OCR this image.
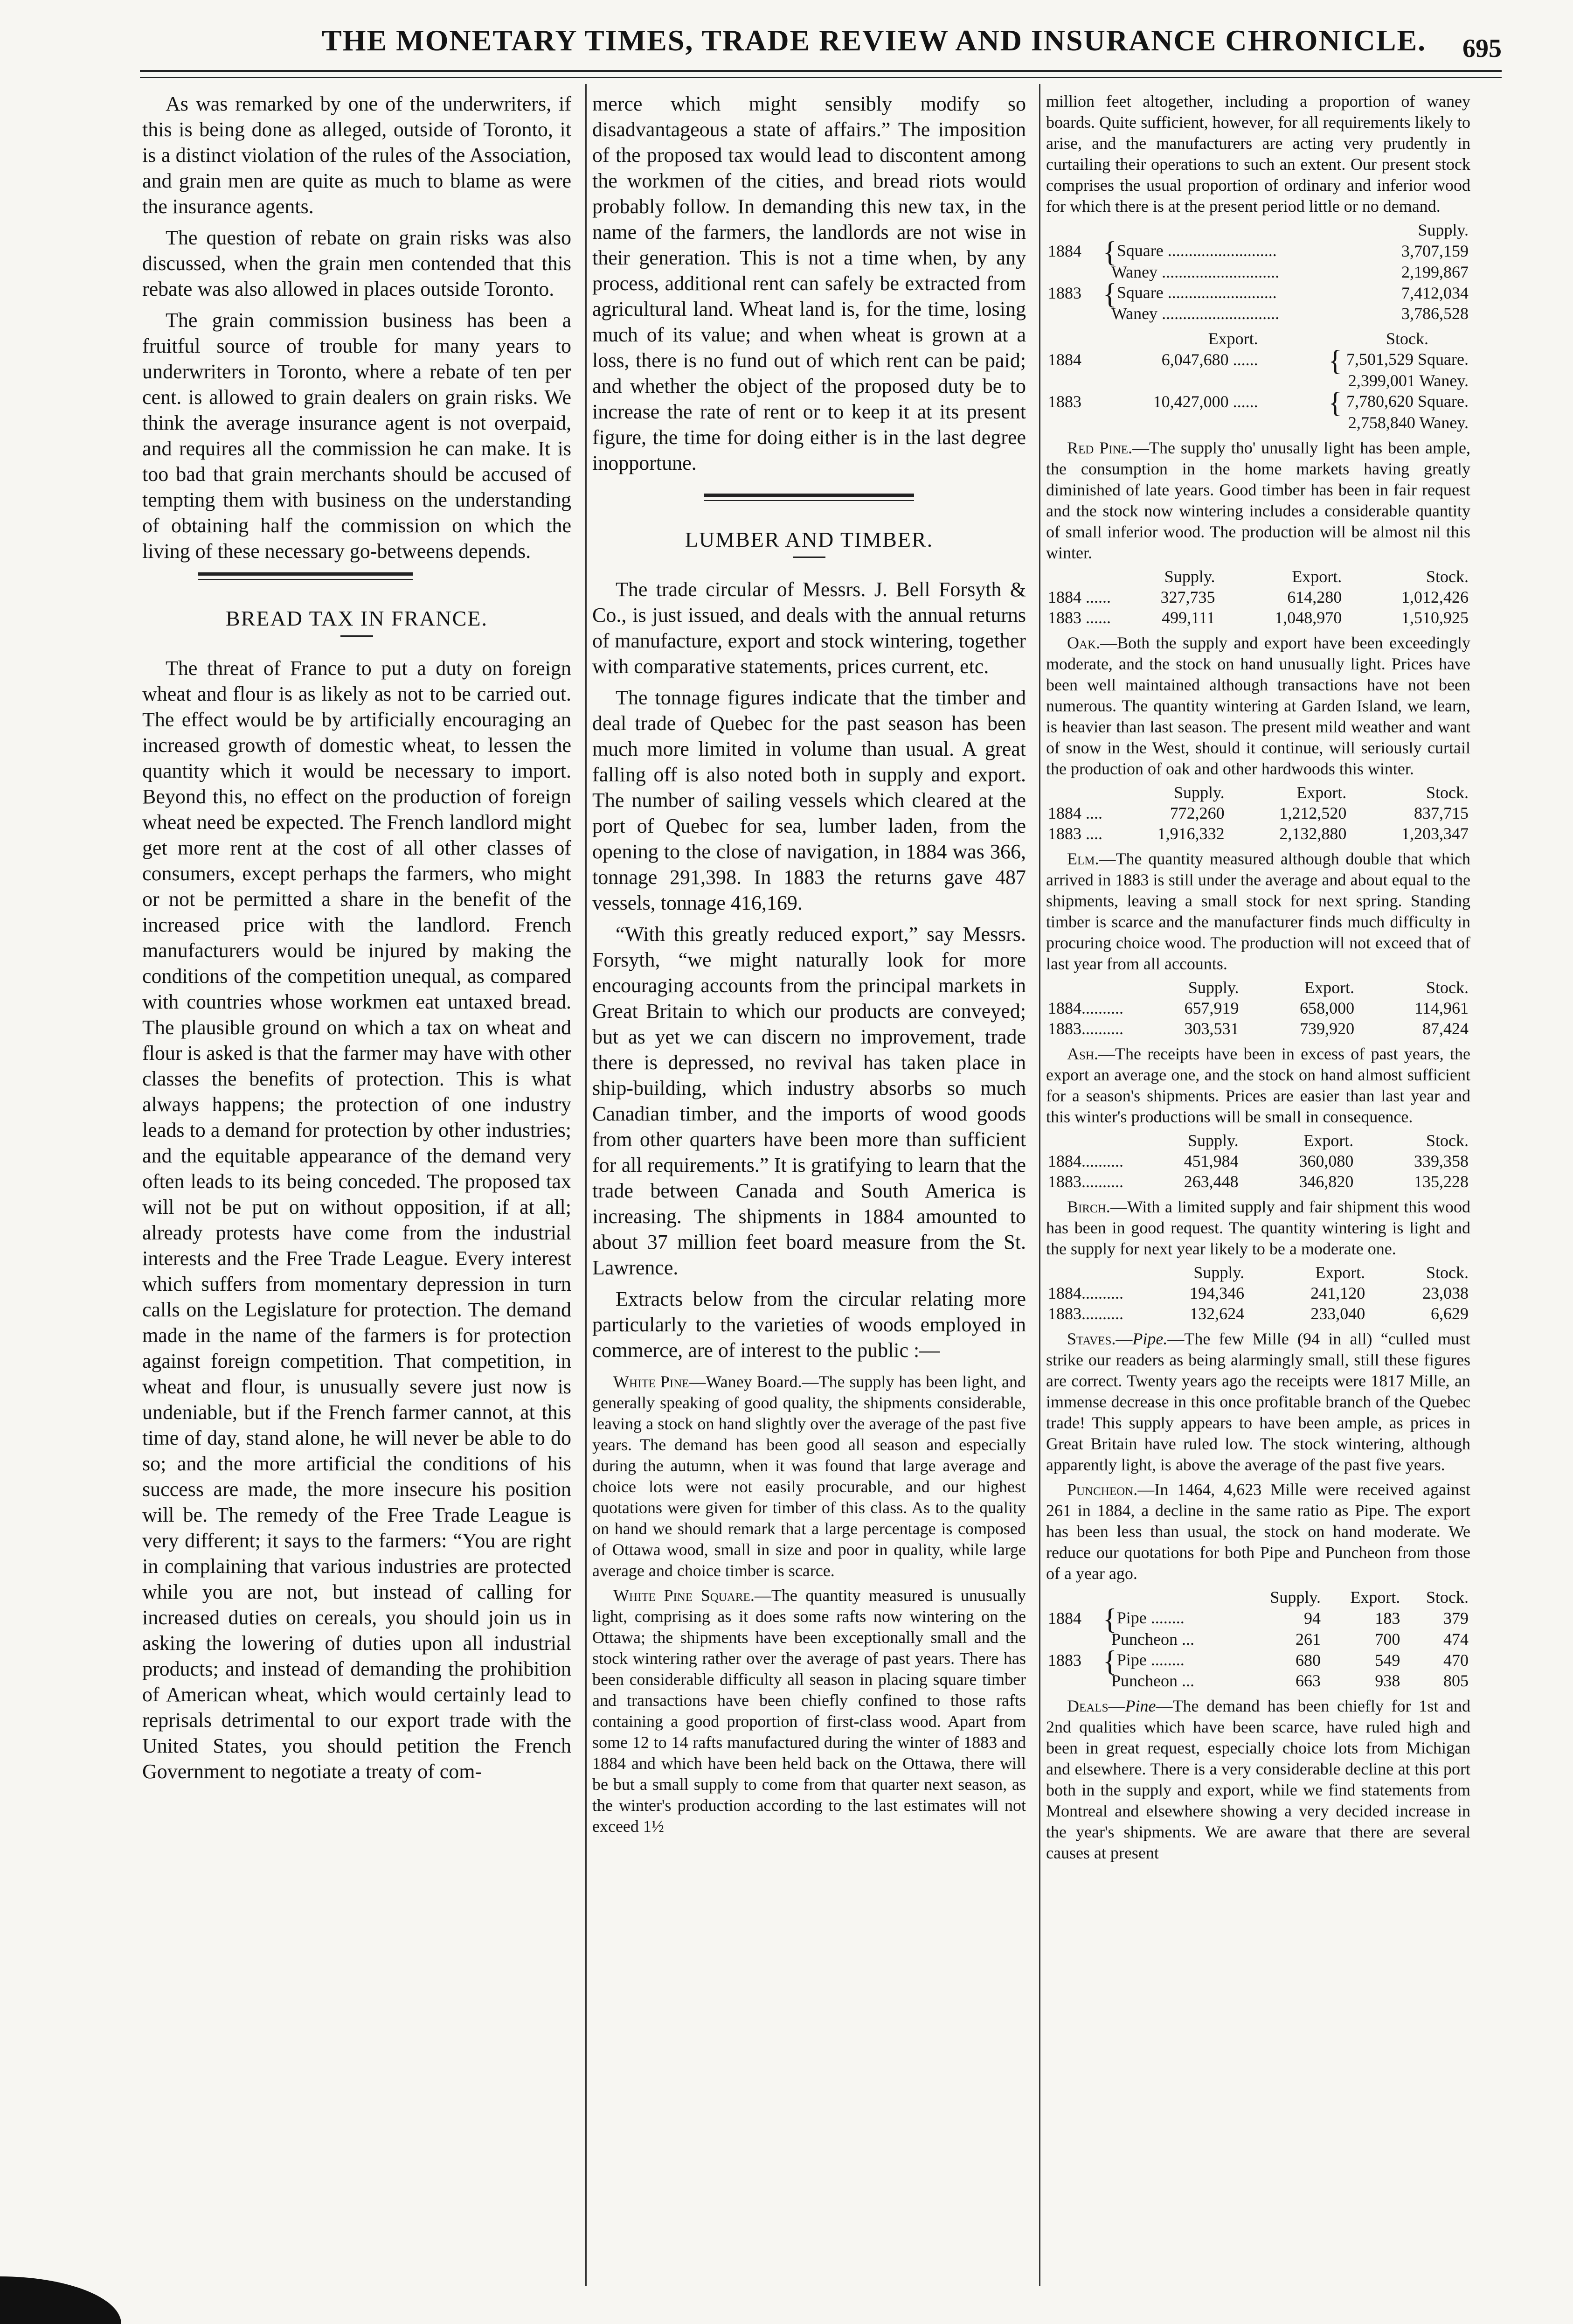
THE MONETARY TIMES, TRADE REVIEW AND INSURANCE CHRONICLE. 695

As was remarked by one of the underwriters, if this is being done as alleged, outside of Toronto, it is a distinct violation of the rules of the Association, and grain men are quite as much to blame as were the insurance agents.

The question of rebate on grain risks was also discussed, when the grain men contended that this rebate was also allowed in places outside Toronto.

The grain commission business has been a fruitful source of trouble for many years to underwriters in Toronto, where a rebate of ten per cent. is allowed to grain dealers on grain risks. We think the average insurance agent is not overpaid, and requires all the commission he can make. It is too bad that grain merchants should be accused of tempting them with business on the understanding of obtaining half the commission on which the living of these necessary go-betweens depends.

BREAD TAX IN FRANCE.

The threat of France to put a duty on foreign wheat and flour is as likely as not to be carried out. The effect would be by artificially encouraging an increased growth of domestic wheat, to lessen the quantity which it would be necessary to import. Beyond this, no effect on the production of foreign wheat need be expected. The French landlord might get more rent at the cost of all other classes of consumers, except perhaps the farmers, who might or not be permitted a share in the benefit of the increased price with the landlord. French manufacturers would be injured by making the conditions of the competition unequal, as compared with countries whose workmen eat untaxed bread. The plausible ground on which a tax on wheat and flour is asked is that the farmer may have with other classes the benefits of protection. This is what always happens; the protection of one industry leads to a demand for protection by other industries; and the equitable appearance of the demand very often leads to its being conceded. The proposed tax will not be put on without opposition, if at all; already protests have come from the industrial interests and the Free Trade League. Every interest which suffers from momentary depression in turn calls on the Legislature for protection. The demand made in the name of the farmers is for protection against foreign competition. That competition, in wheat and flour, is unusually severe just now is undeniable, but if the French farmer cannot, at this time of day, stand alone, he will never be able to do so; and the more artificial the conditions of his success are made, the more insecure his position will be. The remedy of the Free Trade League is very different; it says to the farmers: “You are right in complaining that various industries are protected while you are not, but instead of calling for increased duties on cereals, you should join us in asking the lowering of duties upon all industrial products; and instead of demanding the prohibition of American wheat, which would certainly lead to reprisals detrimental to our export trade with the United States, you should petition the French Government to negotiate a treaty of com-

merce which might sensibly modify so disadvantageous a state of affairs.” The imposition of the proposed tax would lead to discontent among the workmen of the cities, and bread riots would probably follow. In demanding this new tax, in the name of the farmers, the landlords are not wise in their generation. This is not a time when, by any process, additional rent can safely be extracted from agricultural land. Wheat land is, for the time, losing much of its value; and when wheat is grown at a loss, there is no fund out of which rent can be paid; and whether the object of the proposed duty be to increase the rate of rent or to keep it at its present figure, the time for doing either is in the last degree inopportune.

LUMBER AND TIMBER.

The trade circular of Messrs. J. Bell Forsyth & Co., is just issued, and deals with the annual returns of manufacture, export and stock wintering, together with comparative statements, prices current, etc.

The tonnage figures indicate that the timber and deal trade of Quebec for the past season has been much more limited in volume than usual. A great falling off is also noted both in supply and export. The number of sailing vessels which cleared at the port of Quebec for sea, lumber laden, from the opening to the close of navigation, in 1884 was 366, tonnage 291,398. In 1883 the returns gave 487 vessels, tonnage 416,169.

“With this greatly reduced export,” say Messrs. Forsyth, “we might naturally look for more encouraging accounts from the principal markets in Great Britain to which our products are conveyed; but as yet we can discern no improvement, trade there is depressed, no revival has taken place in ship-building, which industry absorbs so much Canadian timber, and the imports of wood goods from other quarters have been more than sufficient for all requirements.” It is gratifying to learn that the trade between Canada and South America is increasing. The shipments in 1884 amounted to about 37 million feet board measure from the St. Lawrence.

Extracts below from the circular relating more particularly to the varieties of woods employed in commerce, are of interest to the public :—

White Pine—Waney Board.—The supply has been light, and generally speaking of good quality, the shipments considerable, leaving a stock on hand slightly over the average of the past five years. The demand has been good all season and especially during the autumn, when it was found that large average and choice lots were not easily procurable, and our highest quotations were given for timber of this class. As to the quality on hand we should remark that a large percentage is composed of Ottawa wood, small in size and poor in quality, while large average and choice timber is scarce.

White Pine Square.—The quantity measured is unusually light, comprising as it does some rafts now wintering on the Ottawa; the shipments have been exceptionally small and the stock wintering rather over the average of past years. There has been considerable difficulty all season in placing square timber and transactions have been chiefly confined to those rafts containing a good proportion of first-class wood. Apart from some 12 to 14 rafts manufactured during the winter of 1883 and 1884 and which have been held back on the Ottawa, there will be but a small supply to come from that quarter next season, as the winter's production according to the last estimates will not exceed 1½

million feet altogether, including a proportion of waney boards. Quite sufficient, however, for all requirements likely to arise, and the manufacturers are acting very prudently in curtailing their operations to such an extent. Our present stock comprises the usual proportion of ordinary and inferior wood for which there is at the present period little or no demand.

		Supply.
1884	{Square ..........................	3,707,159
	Waney ............................	2,199,867
1883	{Square ..........................	7,412,034
	Waney ............................	3,786,528
	Export.	Stock.
1884	6,047,680 ......	{ 7,501,529 Square.
		2,399,001 Waney.
1883	10,427,000 ......	{ 7,780,620 Square.
		2,758,840 Waney.

Red Pine.—The supply tho' unusally light has been ample, the consumption in the home markets having greatly diminished of late years. Good timber has been in fair request and the stock now wintering includes a considerable quantity of small inferior wood. The production will be almost nil this winter.

	Supply.	Export.	Stock.
1884 ......	327,735	614,280	1,012,426
1883 ......	499,111	1,048,970	1,510,925

Oak.—Both the supply and export have been exceedingly moderate, and the stock on hand unusually light. Prices have been well maintained although transactions have not been numerous. The quantity wintering at Garden Island, we learn, is heavier than last season. The present mild weather and want of snow in the West, should it continue, will seriously curtail the production of oak and other hardwoods this winter.

	Supply.	Export.	Stock.
1884 ....	772,260	1,212,520	837,715
1883 ....	1,916,332	2,132,880	1,203,347

Elm.—The quantity measured although double that which arrived in 1883 is still under the average and about equal to the shipments, leaving a small stock for next spring. Standing timber is scarce and the manufacturer finds much difficulty in procuring choice wood. The production will not exceed that of last year from all accounts.

	Supply.	Export.	Stock.
1884..........	657,919	658,000	114,961
1883..........	303,531	739,920	87,424

Ash.—The receipts have been in excess of past years, the export an average one, and the stock on hand almost sufficient for a season's shipments. Prices are easier than last year and this winter's productions will be small in consequence.

	Supply.	Export.	Stock.
1884..........	451,984	360,080	339,358
1883..........	263,448	346,820	135,228

Birch.—With a limited supply and fair shipment this wood has been in good request. The quantity wintering is light and the supply for next year likely to be a moderate one.

	Supply.	Export.	Stock.
1884..........	194,346	241,120	23,038
1883..........	132,624	233,040	6,629

Staves.—Pipe.—The few Mille (94 in all) “culled must strike our readers as being alarmingly small, still these figures are correct. Twenty years ago the receipts were 1817 Mille, an immense decrease in this once profitable branch of the Quebec trade! This supply appears to have been ample, as prices in Great Britain have ruled low. The stock wintering, although apparently light, is above the average of the past five years.

Puncheon.—In 1464, 4,623 Mille were received against 261 in 1884, a decline in the same ratio as Pipe. The export has been less than usual, the stock on hand moderate. We reduce our quotations for both Pipe and Puncheon from those of a year ago.

		Supply.	Export.	Stock.
1884	{Pipe ........	94	183	379
	Puncheon ...	261	700	474
1883	{Pipe ........	680	549	470
	Puncheon ...	663	938	805

Deals—Pine—The demand has been chiefly for 1st and 2nd qualities which have been scarce, have ruled high and been in great request, especially choice lots from Michigan and elsewhere. There is a very considerable decline at this port both in the supply and export, while we find statements from Montreal and elsewhere showing a very decided increase in the year's shipments. We are aware that there are several causes at present
